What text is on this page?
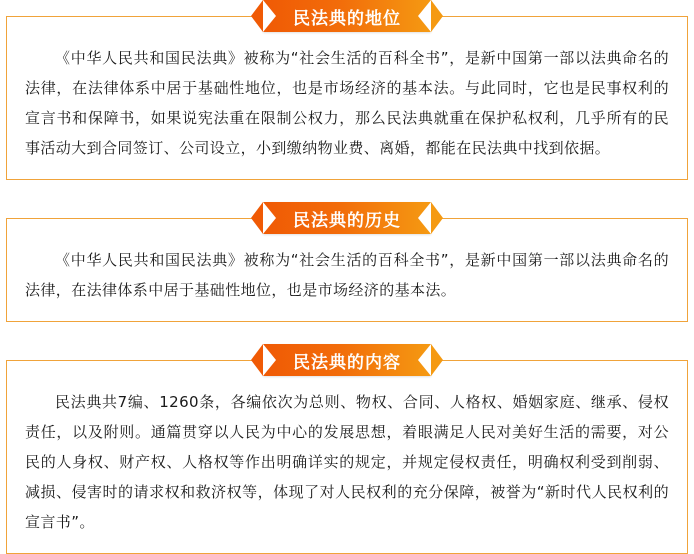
民法典的地位

《中华人民共和国民法典》被称为“社会生活的百科全书”，是新中国第一部以法典命名的法律，在法律体系中居于基础性地位，也是市场经济的基本法。与此同时，它也是民事权利的宣言书和保障书，如果说宪法重在限制公权力，那么民法典就重在保护私权利，几乎所有的民事活动大到合同签订、公司设立，小到缴纳物业费、离婚，都能在民法典中找到依据。

民法典的历史

《中华人民共和国民法典》被称为“社会生活的百科全书”，是新中国第一部以法典命名的法律，在法律体系中居于基础性地位，也是市场经济的基本法。

民法典的内容

民法典共7编、1260条，各编依次为总则、物权、合同、人格权、婚姻家庭、继承、侵权责任，以及附则。通篇贯穿以人民为中心的发展思想，着眼满足人民对美好生活的需要，对公民的人身权、财产权、人格权等作出明确详实的规定，并规定侵权责任，明确权利受到削弱、减损、侵害时的请求权和救济权等，体现了对人民权利的充分保障，被誉为“新时代人民权利的宣言书”。
